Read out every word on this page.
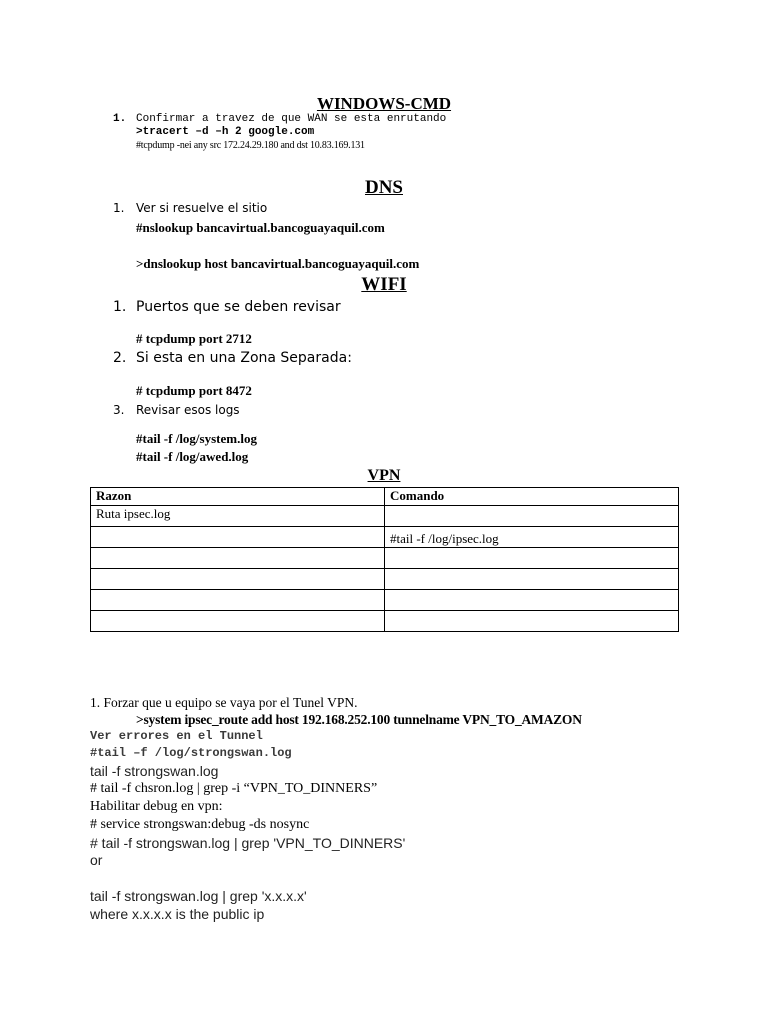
WINDOWS-CMD
1. Confirmar a travez de que WAN se esta enrutando
>tracert –d –h 2 google.com
#tcpdump -nei any src 172.24.29.180 and dst 10.83.169.131
DNS
1. Ver si resuelve el sitio
#nslookup bancavirtual.bancoguayaquil.com
>dnslookup host bancavirtual.bancoguayaquil.com
WIFI
1. Puertos que se deben revisar
# tcpdump port 2712
2. Si esta en una Zona Separada:
# tcpdump port 8472
3. Revisar esos logs
#tail -f /log/system.log
#tail -f /log/awed.log
VPN
Razon	Comando
Ruta ipsec.log	
	#tail -f /log/ipsec.log

1. Forzar que u equipo se vaya por el Tunel VPN.
>system ipsec_route add host 192.168.252.100 tunnelname VPN_TO_AMAZON
Ver errores en el Tunnel
#tail –f /log/strongswan.log
tail -f strongswan.log
# tail -f chsron.log | grep -i “VPN_TO_DINNERS”
Habilitar debug en vpn:
# service strongswan:debug -ds nosync
# tail -f strongswan.log | grep 'VPN_TO_DINNERS'
or
tail -f strongswan.log | grep 'x.x.x.x'
where x.x.x.x is the public ip
